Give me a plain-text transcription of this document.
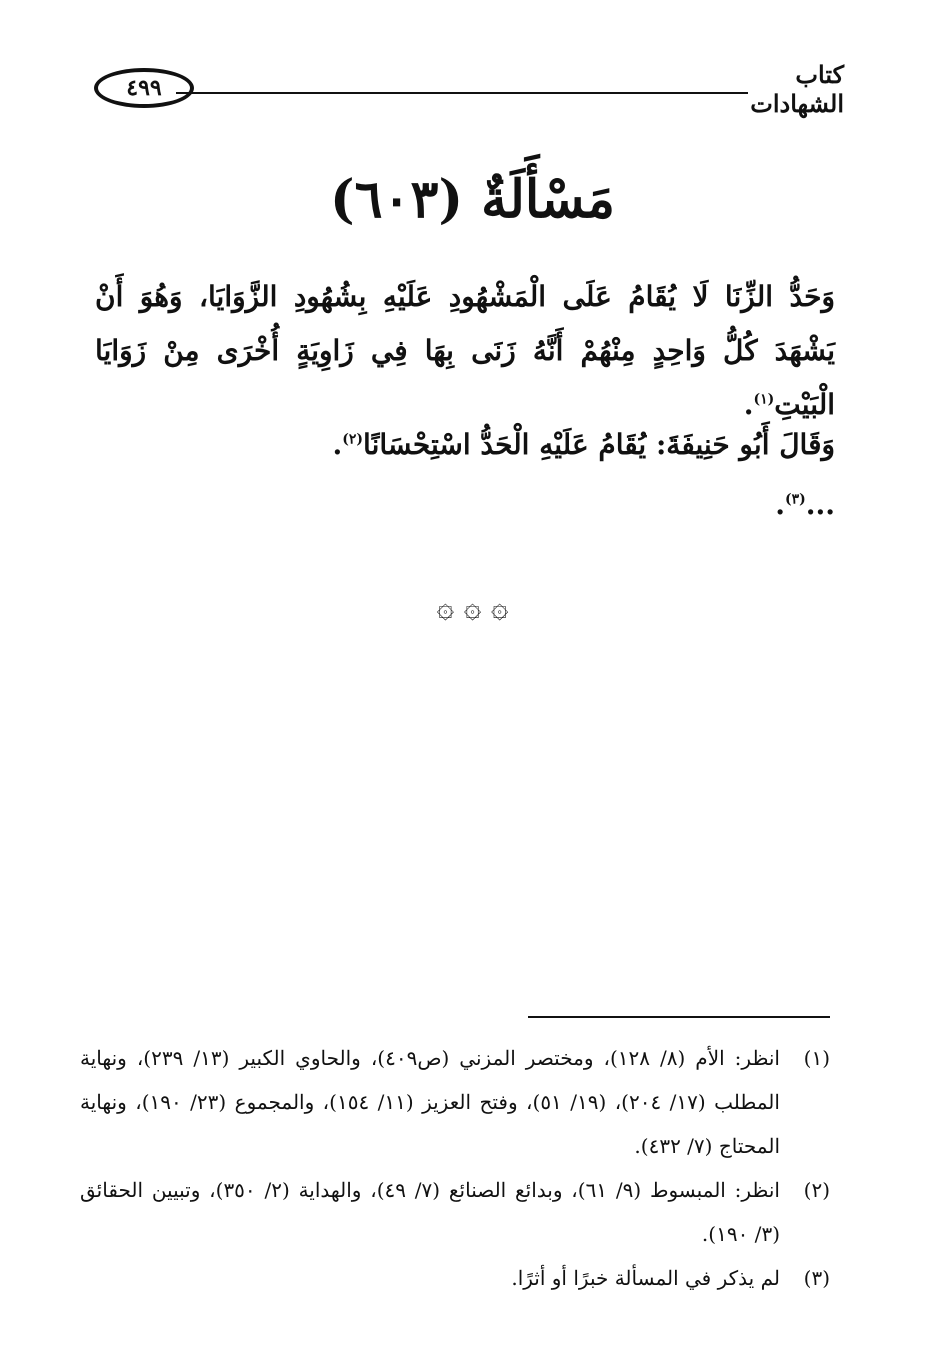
٤٩٩	كتاب الشهادات
مَسْأَلَةٌ (٦٠٣)
وَحَدُّ الزِّنَا لَا يُقَامُ عَلَى الْمَشْهُودِ عَلَيْهِ بِشُهُودِ الزَّوَايَا، وَهُوَ أَنْ يَشْهَدَ كُلُّ وَاحِدٍ مِنْهُمْ أَنَّهُ زَنَى بِهَا فِي زَاوِيَةٍ أُخْرَى مِنْ زَوَايَا الْبَيْتِ$^{(١)}$.
وَقَالَ أَبُو حَنِيفَةَ: يُقَامُ عَلَيْهِ الْحَدُّ اسْتِحْسَانًا$^{(٢)}$.
...$^{(٣)}$.
۞ ۞ ۞
(١)
انظر: الأم (٨/ ١٢٨)، ومختصر المزني (ص٤٠٩)، والحاوي الكبير (١٣/ ٢٣٩)، ونهاية المطلب (١٧/ ٢٠٤)، (١٩/ ٥١)، وفتح العزيز (١١/ ١٥٤)، والمجموع (٢٣/ ١٩٠)، ونهاية المحتاج (٧/ ٤٣٢).
(٢)
انظر: المبسوط (٩/ ٦١)، وبدائع الصنائع (٧/ ٤٩)، والهداية (٢/ ٣٥٠)، وتبيين الحقائق (٣/ ١٩٠).
(٣)
لم يذكر في المسألة خبرًا أو أثرًا.
